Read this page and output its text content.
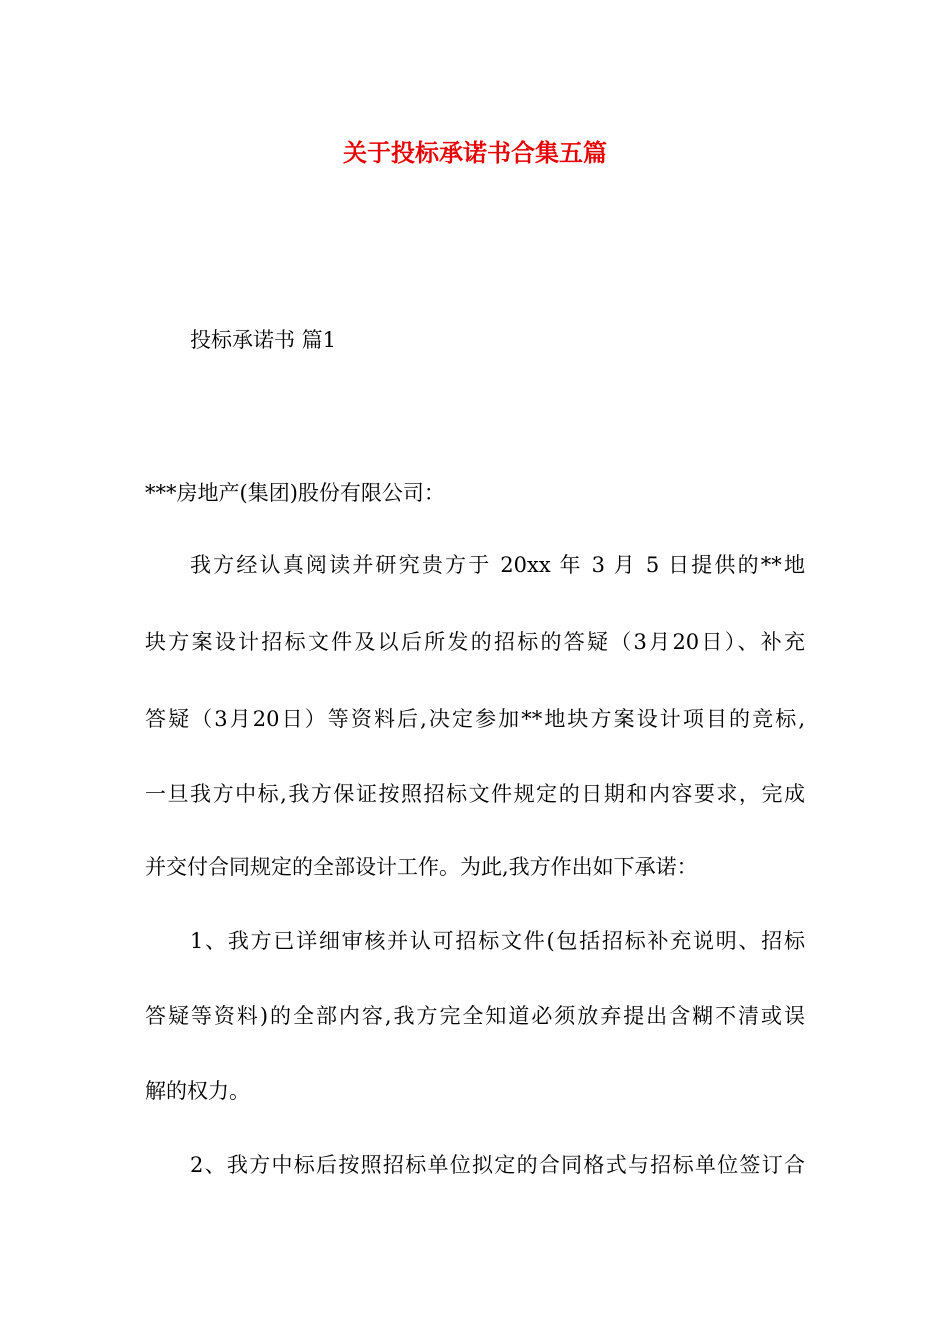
关于投标承诺书合集五篇
投标承诺书 篇1
***房地产(集团)股份有限公司：
我方经认真阅读并研究贵方于 20xx 年 3 月 5 日提供的**地
块方案设计招标文件及以后所发的招标的答疑（3月20日）、补充
答疑（3月20日）等资料后,决定参加**地块方案设计项目的竞标,
一旦我方中标,我方保证按照招标文件规定的日期和内容要求，完成
并交付合同规定的全部设计工作。为此,我方作出如下承诺：
1、我方已详细审核并认可招标文件(包括招标补充说明、招标
答疑等资料)的全部内容,我方完全知道必须放弃提出含糊不清或误
解的权力。
2、我方中标后按照招标单位拟定的合同格式与招标单位签订合
